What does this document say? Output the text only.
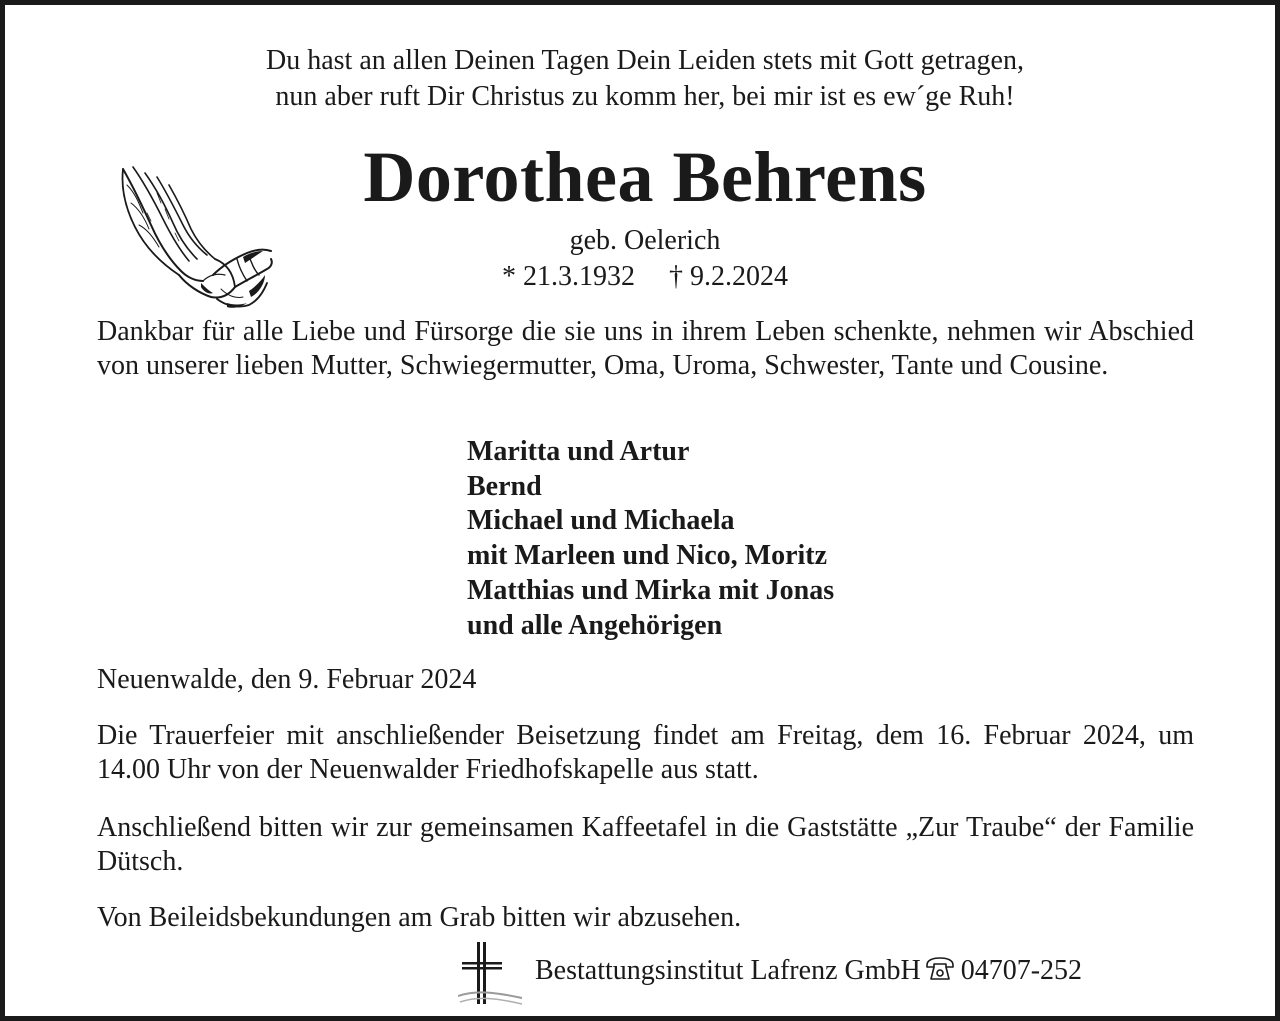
Du hast an allen Deinen Tagen Dein Leiden stets mit Gott getragen,
nun aber ruft Dir Christus zu komm her, bei mir ist es ew´ge Ruh!
Dorothea Behrens
geb. Oelerich
* 21.3.1932 † 9.2.2024
Dankbar für alle Liebe und Fürsorge die sie uns in ihrem Leben schenkte, nehmen wir Abschied von unserer lieben Mutter, Schwiegermutter, Oma, Uroma, Schwester, Tante und Cousine.
Maritta und Artur
Bernd
Michael und Michaela
mit Marleen und Nico, Moritz
Matthias und Mirka mit Jonas
und alle Angehörigen
Neuenwalde, den 9. Februar 2024
Die Trauerfeier mit anschließender Beisetzung findet am Freitag, dem 16. Februar 2024, um 14.00 Uhr von der Neuenwalder Friedhofskapelle aus statt.
Anschließend bitten wir zur gemeinsamen Kaffeetafel in die Gaststätte „Zur Traube“ der Familie Dütsch.
Von Beileidsbekundungen am Grab bitten wir abzusehen.
Bestattungsinstitut Lafrenz GmbH 04707-252
